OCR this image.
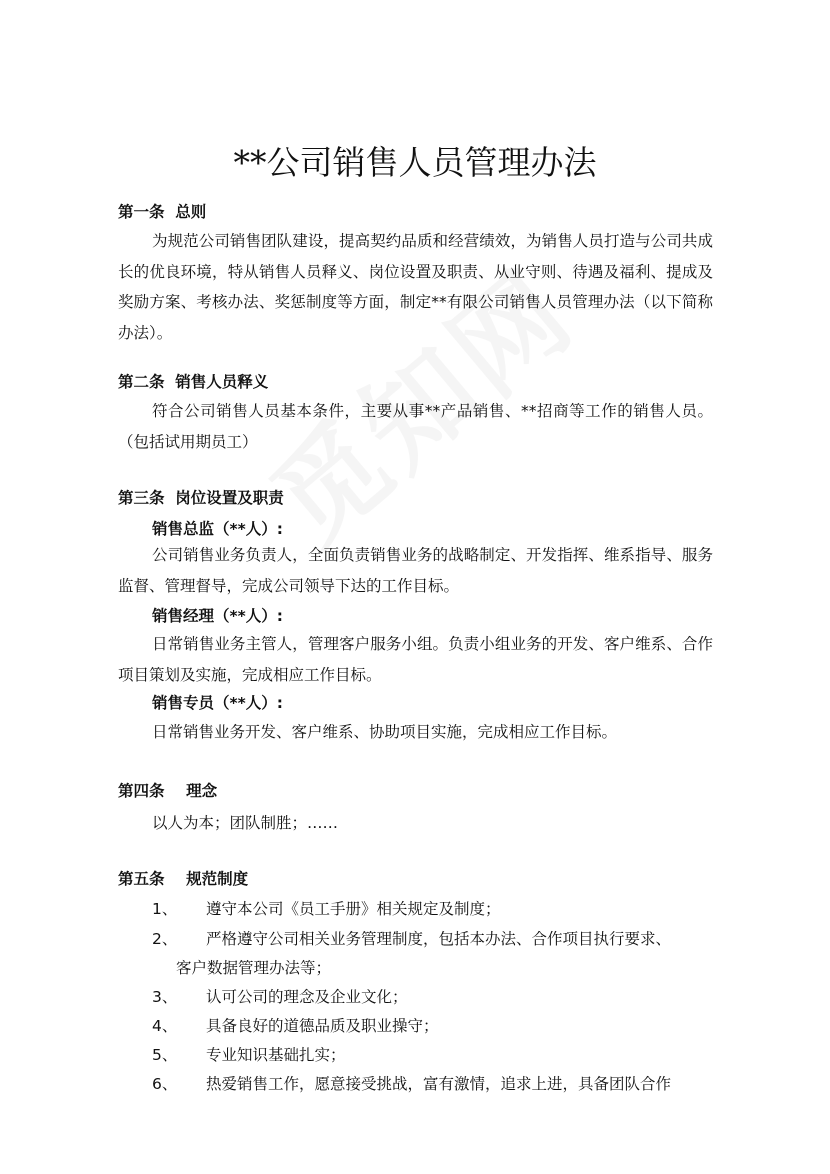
**公司销售人员管理办法
第一条  总则
为规范公司销售团队建设，提高契约品质和经营绩效，为销售人员打造与公司共成长的优良环境，特从销售人员释义、岗位设置及职责、从业守则、待遇及福利、提成及奖励方案、考核办法、奖惩制度等方面，制定**有限公司销售人员管理办法（以下简称办法）。
第二条  销售人员释义
符合公司销售人员基本条件，主要从事**产品销售、**招商等工作的销售人员。（包括试用期员工）
第三条  岗位设置及职责
销售总监（**人）:
公司销售业务负责人，全面负责销售业务的战略制定、开发指挥、维系指导、服务监督、管理督导，完成公司领导下达的工作目标。
销售经理（**人）:
日常销售业务主管人，管理客户服务小组。负责小组业务的开发、客户维系、合作项目策划及实施，完成相应工作目标。
销售专员（**人）:
日常销售业务开发、客户维系、协助项目实施，完成相应工作目标。
第四条    理念
以人为本；团队制胜；……
第五条    规范制度
1、 遵守本公司《员工手册》相关规定及制度；
2、 严格遵守公司相关业务管理制度，包括本办法、合作项目执行要求、
客户数据管理办法等；
3、 认可公司的理念及企业文化；
4、 具备良好的道德品质及职业操守；
5、 专业知识基础扎实；
6、 热爱销售工作，愿意接受挑战，富有激情，追求上进，具备团队合作
